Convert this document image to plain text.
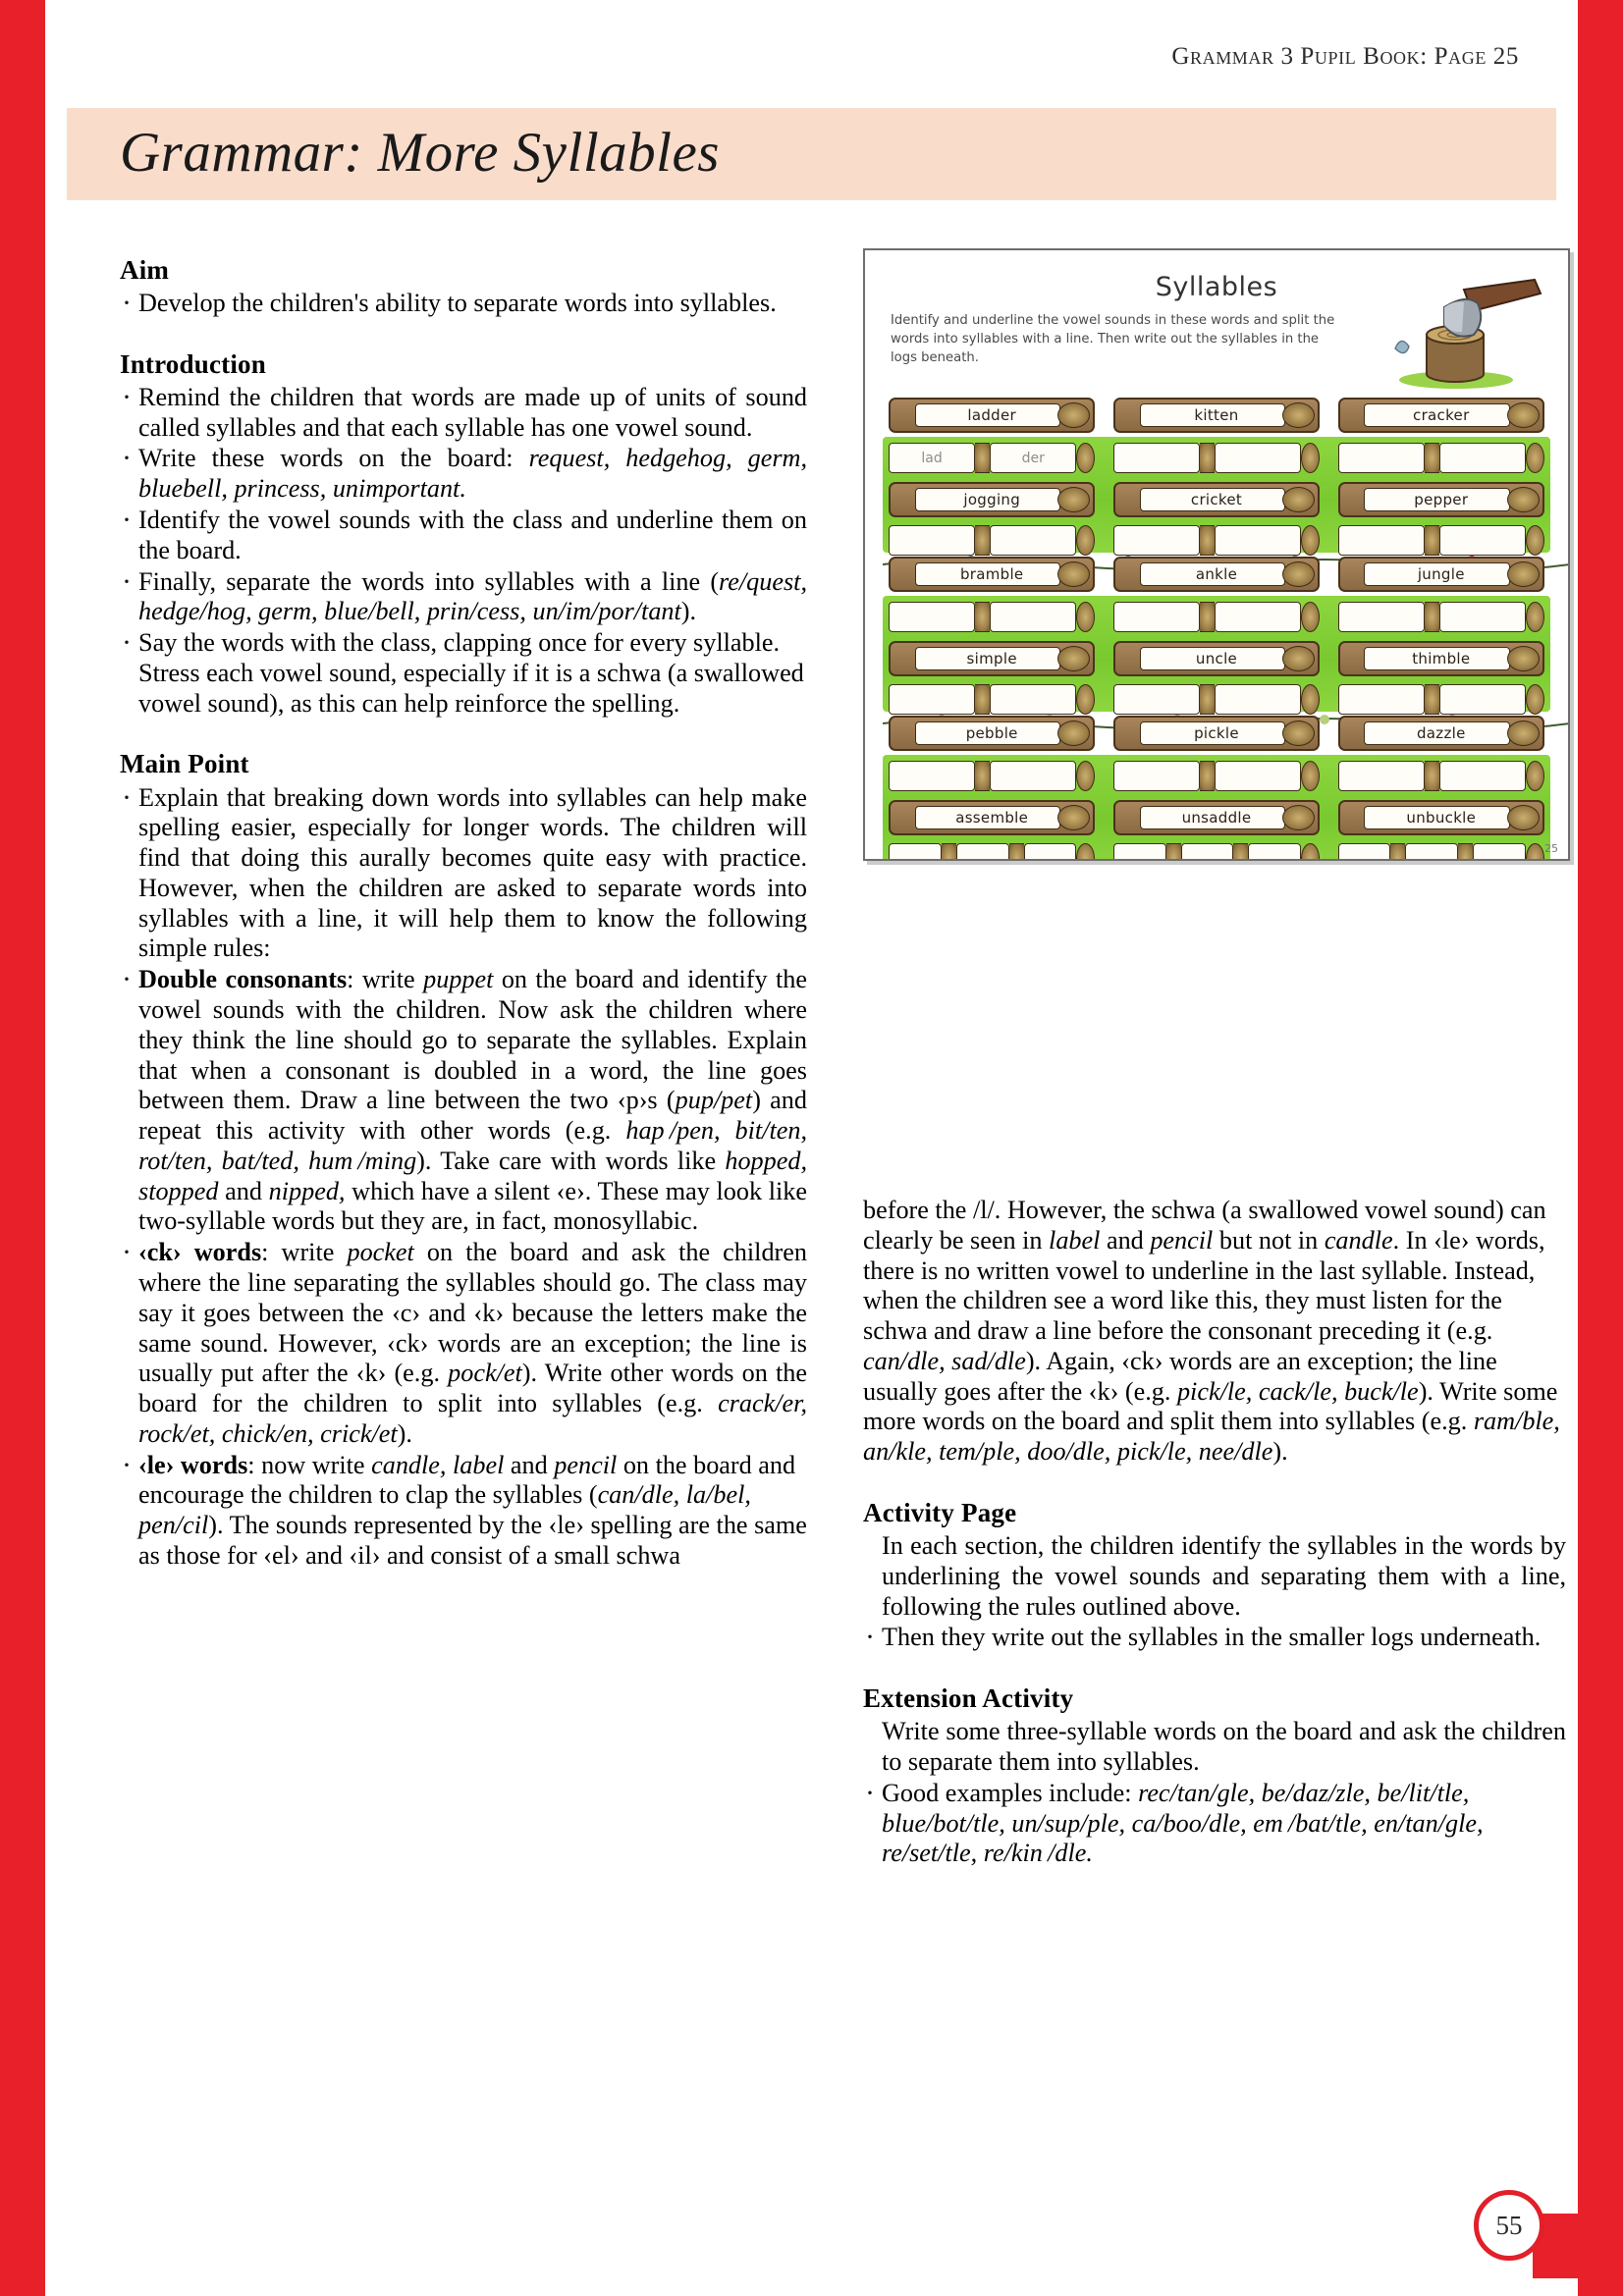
Grammar 3 Pupil Book: Page 25
Grammar: More Syllables
Aim
· Develop the children's ability to separate words into syllables.
Introduction
· Remind the children that words are made up of units of sound called syllables and that each syllable has one vowel sound.
· Write these words on the board: request, hedgehog, germ, bluebell, princess, unimportant.
· Identify the vowel sounds with the class and underline them on the board.
· Finally, separate the words into syllables with a line (re/quest, hedge/hog, germ, blue/bell, prin/cess, un/im/por/tant).
· Say the words with the class, clapping once for every syllable. Stress each vowel sound, especially if it is a schwa (a swallowed vowel sound), as this can help reinforce the spelling.
Main Point
· Explain that breaking down words into syllables can help make spelling easier, especially for longer words. The children will find that doing this aurally becomes quite easy with practice. However, when the children are asked to separate words into syllables with a line, it will help them to know the following simple rules:
· Double consonants: write puppet on the board and identify the vowel sounds with the children. Now ask the children where they think the line should go to separate the syllables. Explain that when a consonant is doubled in a word, the line goes between them. Draw a line between the two ‹p›s (pup/pet) and repeat this activity with other words (e.g. hap /pen, bit/ten, rot/ten, bat/ted, hum /ming). Take care with words like hopped, stopped and nipped, which have a silent ‹e›. These may look like two-syllable words but they are, in fact, monosyllabic.
· ‹ck› words: write pocket on the board and ask the children where the line separating the syllables should go. The class may say it goes between the ‹c› and ‹k› because the letters make the same sound. However, ‹ck› words are an exception; the line is usually put after the ‹k› (e.g. pock/et). Write other words on the board for the children to split into syllables (e.g. crack/er, rock/et, chick/en, crick/et).
· ‹le› words: now write candle, label and pencil on the board and encourage the children to clap the syllables (can/dle, la/bel, pen/cil). The sounds represented by the ‹le› spelling are the same as those for ‹el› and ‹il› and consist of a small schwa
Syllables
Identify and underline the vowel sounds in these words and split the words into syllables with a line. Then write out the syllables in the logs beneath.
ladder	kitten	cracker
lad	der
jogging	cricket	pepper
bramble	ankle	jungle
simple	uncle	thimble
pebble	pickle	dazzle
assemble	unsaddle	unbuckle
25
before the /l/. However, the schwa (a swallowed vowel sound) can clearly be seen in label and pencil but not in candle. In ‹le› words, there is no written vowel to underline in the last syllable. Instead, when the children see a word like this, they must listen for the schwa and draw a line before the consonant preceding it (e.g. can/dle, sad/dle). Again, ‹ck› words are an exception; the line usually goes after the ‹k› (e.g. pick/le, cack/le, buck/le). Write some more words on the board and split them into syllables (e.g. ram/ble, an/kle, tem/ple, doo/dle, pick/le, nee/dle).
Activity Page
In each section, the children identify the syllables in the words by underlining the vowel sounds and separating them with a line, following the rules outlined above.
· Then they write out the syllables in the smaller logs underneath.
Extension Activity
Write some three-syllable words on the board and ask the children to separate them into syllables.
· Good examples include: rec/tan/gle, be/daz/zle, be/lit/tle, blue/bot/tle, un/sup/ple, ca/boo/dle, em /bat/tle, en/tan/gle, re/set/tle, re/kin /dle.
55
